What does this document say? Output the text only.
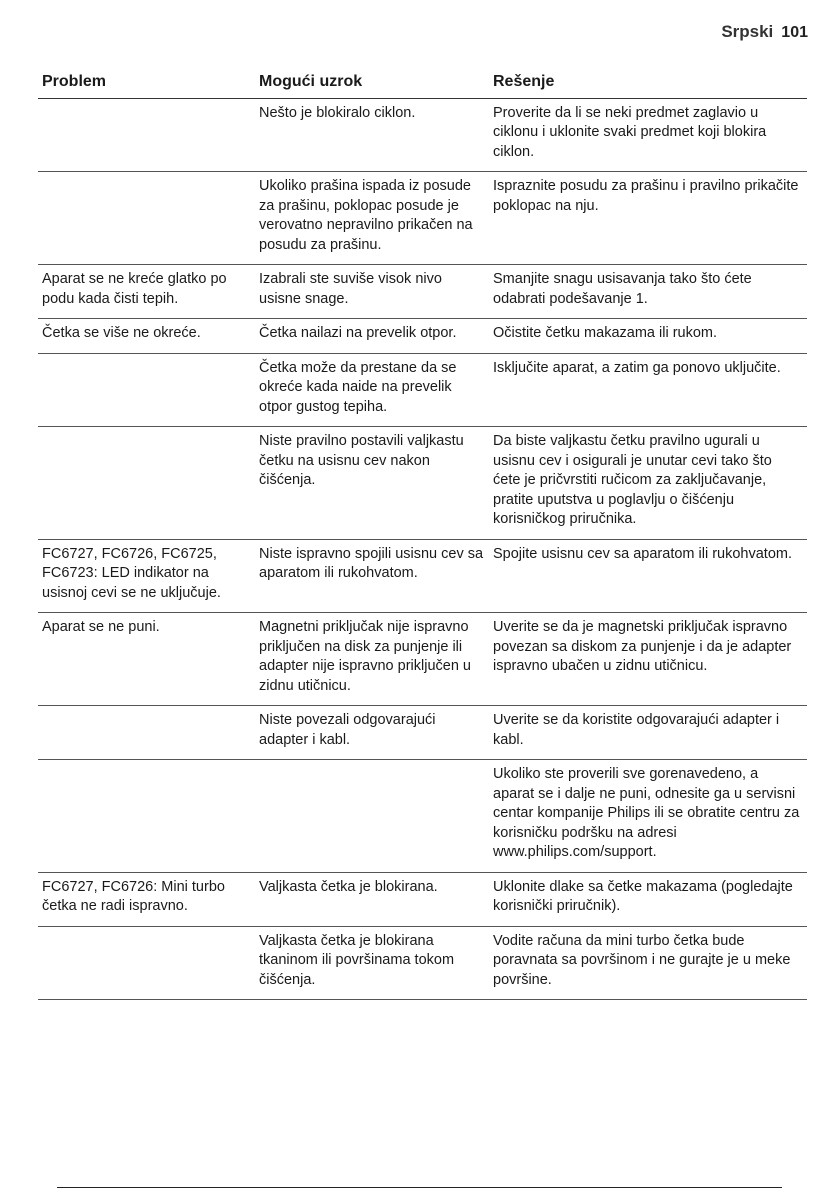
Srpski 101
Problem	Mogući uzrok	Rešenje
	Nešto je blokiralo ciklon.	Proverite da li se neki predmet zaglavio u ciklonu i uklonite svaki predmet koji blokira ciklon.
	Ukoliko prašina ispada iz posude za prašinu, poklopac posude je verovatno nepravilno prikačen na posudu za prašinu.	Ispraznite posudu za prašinu i pravilno prikačite poklopac na nju.
Aparat se ne kreće glatko po podu kada čisti tepih.	Izabrali ste suviše visok nivo usisne snage.	Smanjite snagu usisavanja tako što ćete odabrati podešavanje 1.
Četka se više ne okreće.	Četka nailazi na prevelik otpor.	Očistite četku makazama ili rukom.
	Četka može da prestane da se okreće kada naide na prevelik otpor gustog tepiha.	Isključite aparat, a zatim ga ponovo uključite.
	Niste pravilno postavili valjkastu četku na usisnu cev nakon čišćenja.	Da biste valjkastu četku pravilno ugurali u usisnu cev i osigurali je unutar cevi tako što ćete je pričvrstiti ručicom za zaključavanje, pratite uputstva u poglavlju o čišćenju korisničkog priručnika.
FC6727, FC6726, FC6725, FC6723: LED indikator na usisnoj cevi se ne uključuje.	Niste ispravno spojili usisnu cev sa aparatom ili rukohvatom.	Spojite usisnu cev sa aparatom ili rukohvatom.
Aparat se ne puni.	Magnetni priključak nije ispravno priključen na disk za punjenje ili adapter nije ispravno priključen u zidnu utičnicu.	Uverite se da je magnetski priključak ispravno povezan sa diskom za punjenje i da je adapter ispravno ubačen u zidnu utičnicu.
	Niste povezali odgovarajući adapter i kabl.	Uverite se da koristite odgovarajući adapter i kabl.
		Ukoliko ste proverili sve gorenavedeno, a aparat se i dalje ne puni, odnesite ga u servisni centar kompanije Philips ili se obratite centru za korisničku podršku na adresi www.philips.com/support.
FC6727, FC6726: Mini turbo četka ne radi ispravno.	Valjkasta četka je blokirana.	Uklonite dlake sa četke makazama (pogledajte korisnički priručnik).
	Valjkasta četka je blokirana tkaninom ili površinama tokom čišćenja.	Vodite računa da mini turbo četka bude poravnata sa površinom i ne gurajte je u meke površine.
